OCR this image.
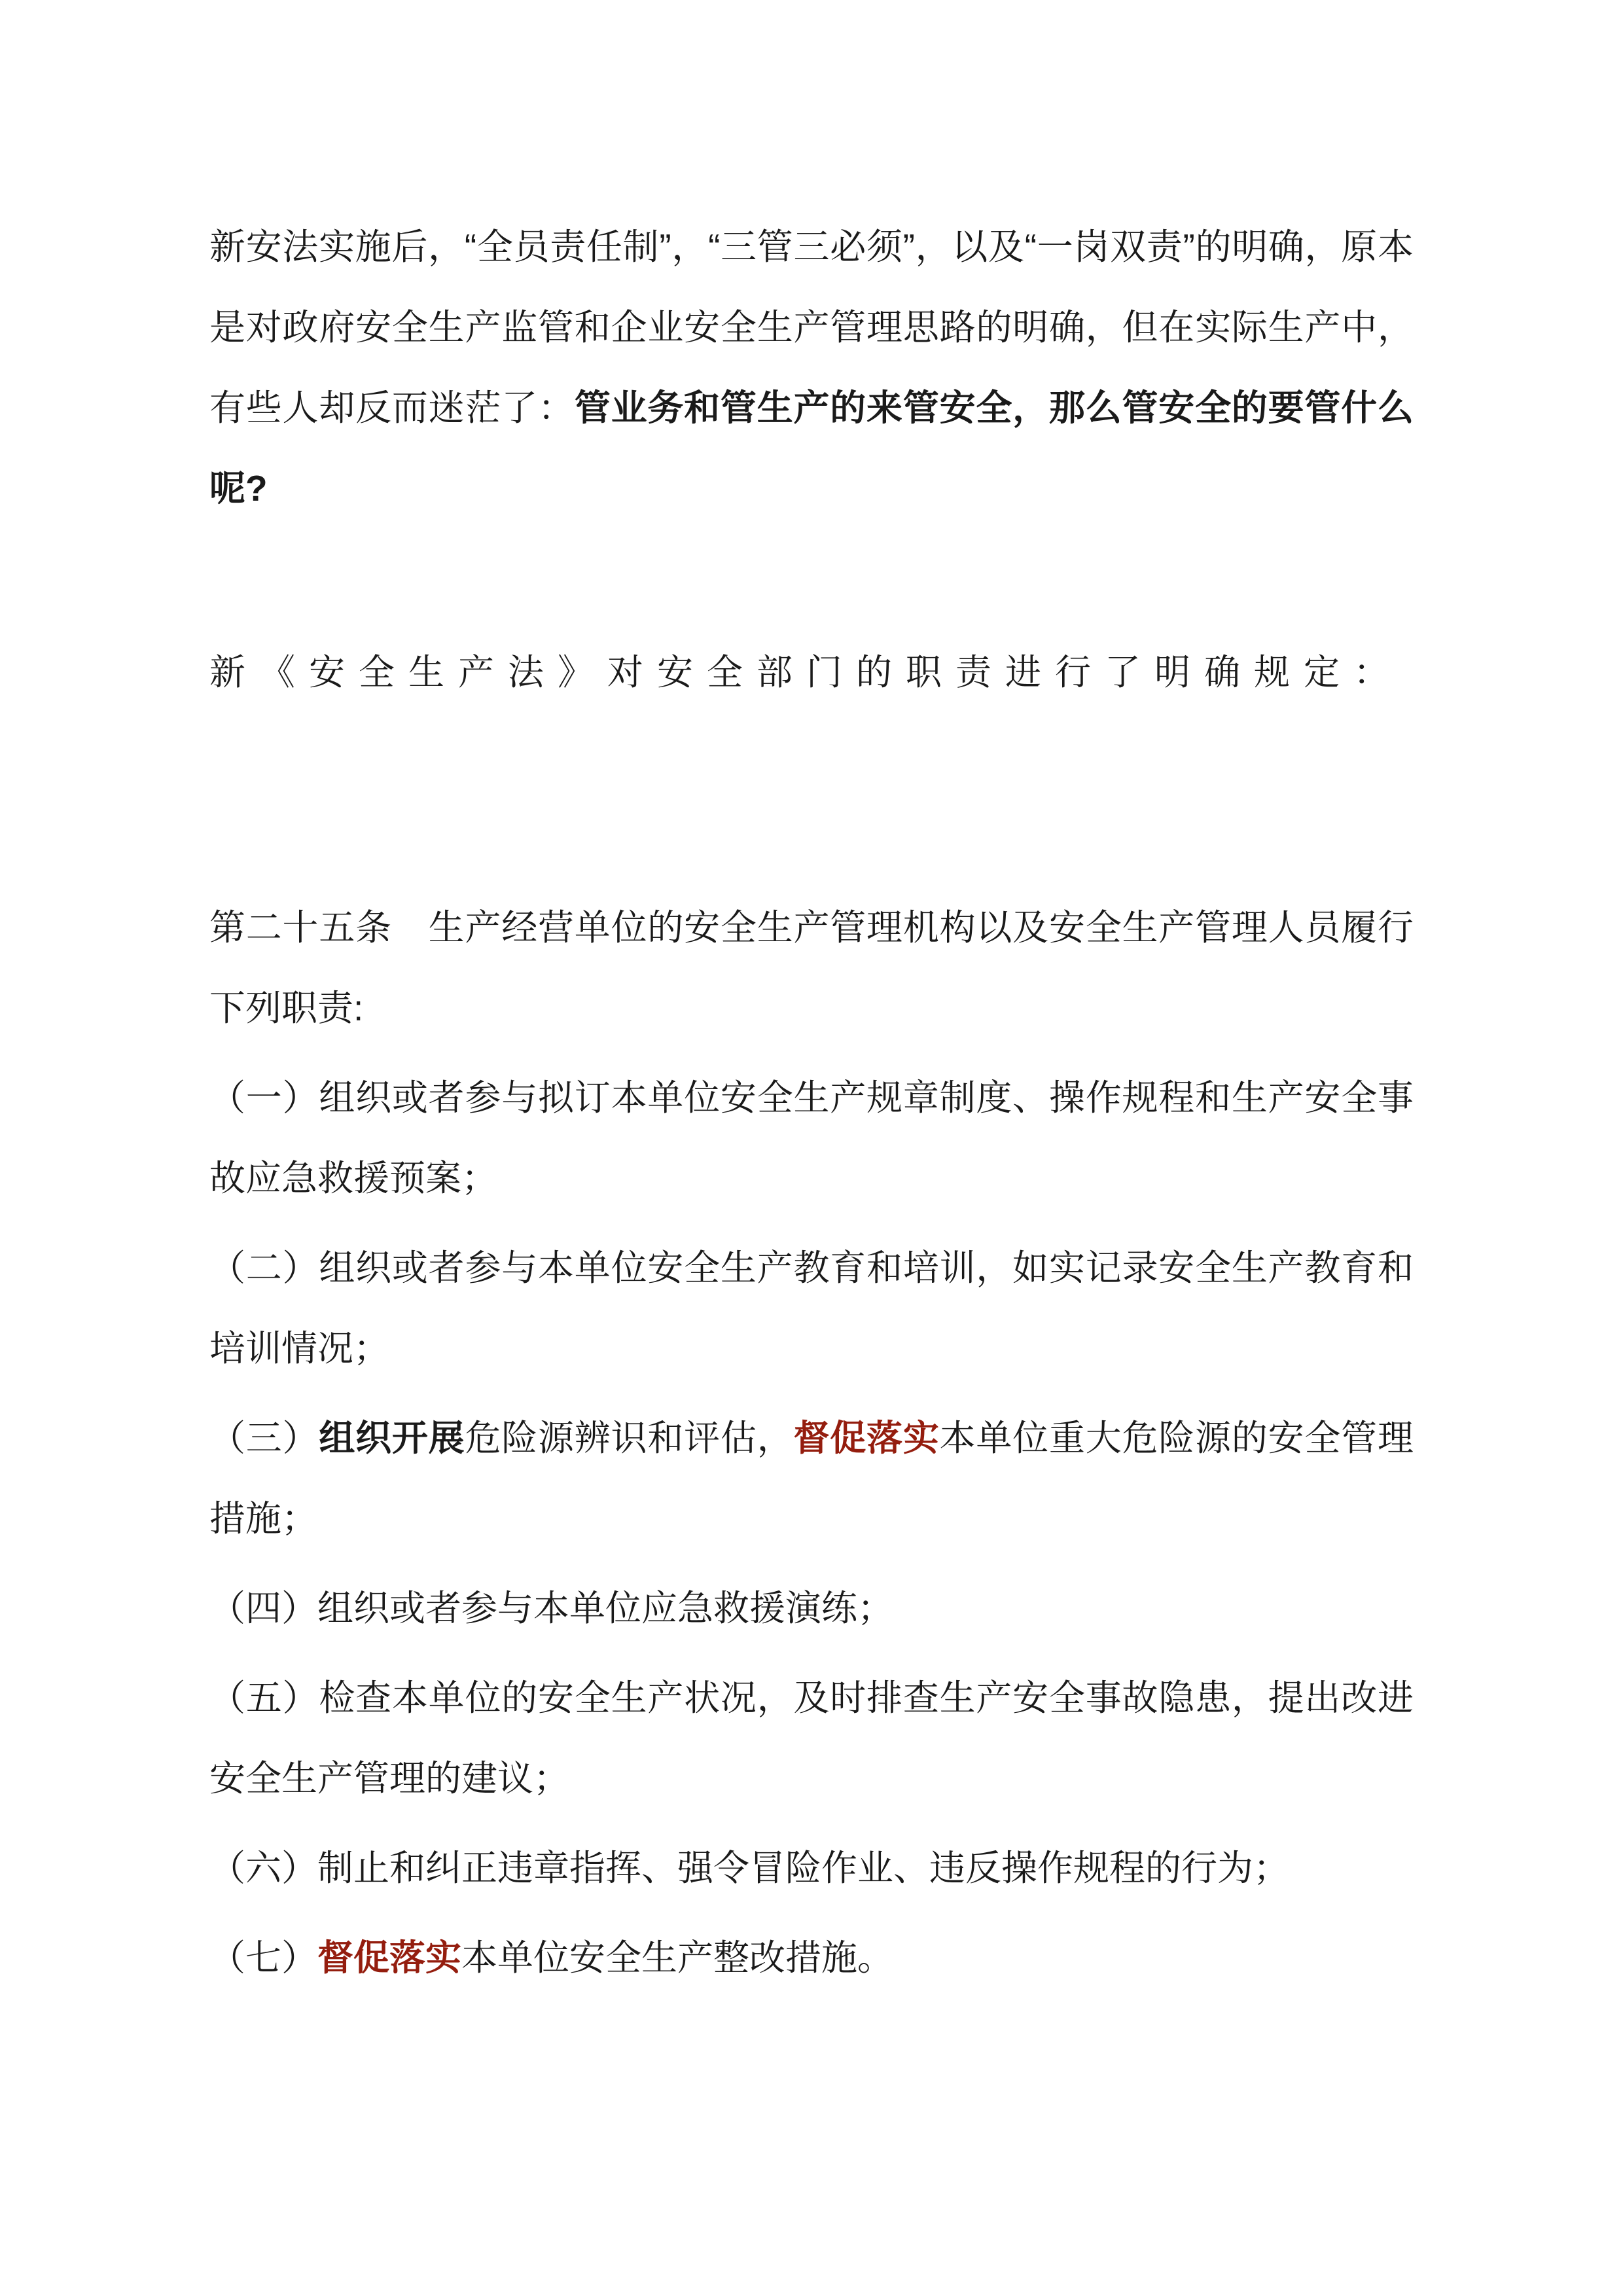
新安法实施后，“全员责任制”，“三管三必须”，以及“一岗双责”的明确，原本是对政府安全生产监管和企业安全生产管理思路的明确，但在实际生产中，有些人却反而迷茫了：管业务和管生产的来管安全，那么管安全的要管什么呢?

新《安全生产法》对安全部门的职责进行了明确规定：

第二十五条　生产经营单位的安全生产管理机构以及安全生产管理人员履行下列职责:

（一）组织或者参与拟订本单位安全生产规章制度、操作规程和生产安全事故应急救援预案；

（二）组织或者参与本单位安全生产教育和培训，如实记录安全生产教育和培训情况；

（三）组织开展危险源辨识和评估，督促落实本单位重大危险源的安全管理措施；

（四）组织或者参与本单位应急救援演练；

（五）检查本单位的安全生产状况，及时排查生产安全事故隐患，提出改进安全生产管理的建议；

（六）制止和纠正违章指挥、强令冒险作业、违反操作规程的行为；

（七）督促落实本单位安全生产整改措施。
